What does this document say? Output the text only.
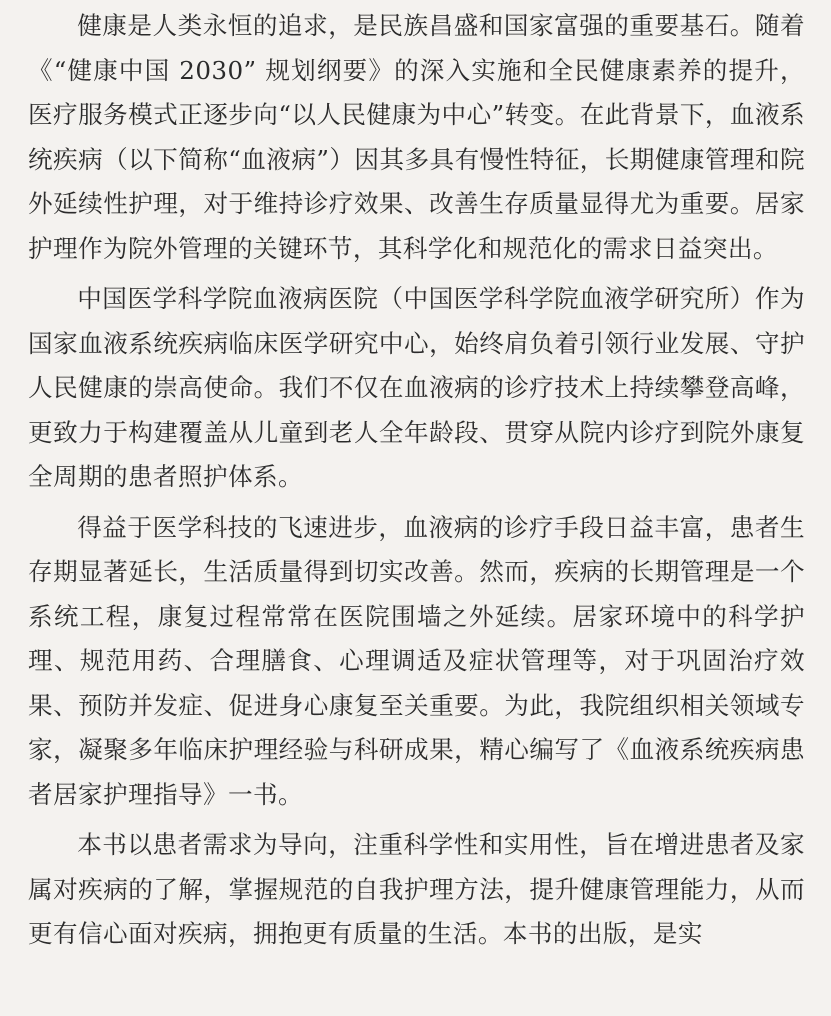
健康是人类永恒的追求，是民族昌盛和国家富强的重要基石。随着《“健康中国 2030” 规划纲要》的深入实施和全民健康素养的提升，医疗服务模式正逐步向“以人民健康为中心”转变。在此背景下，血液系统疾病（以下简称“血液病”）因其多具有慢性特征，长期健康管理和院外延续性护理，对于维持诊疗效果、改善生存质量显得尤为重要。居家护理作为院外管理的关键环节，其科学化和规范化的需求日益突出。

中国医学科学院血液病医院（中国医学科学院血液学研究所）作为国家血液系统疾病临床医学研究中心，始终肩负着引领行业发展、守护人民健康的崇高使命。我们不仅在血液病的诊疗技术上持续攀登高峰，更致力于构建覆盖从儿童到老人全年龄段、贯穿从院内诊疗到院外康复全周期的患者照护体系。

得益于医学科技的飞速进步，血液病的诊疗手段日益丰富，患者生存期显著延长，生活质量得到切实改善。然而，疾病的长期管理是一个系统工程，康复过程常常在医院围墙之外延续。居家环境中的科学护理、规范用药、合理膳食、心理调适及症状管理等，对于巩固治疗效果、预防并发症、促进身心康复至关重要。为此，我院组织相关领域专家，凝聚多年临床护理经验与科研成果，精心编写了《血液系统疾病患者居家护理指导》一书。

本书以患者需求为导向，注重科学性和实用性，旨在增进患者及家属对疾病的了解，掌握规范的自我护理方法，提升健康管理能力，从而更有信心面对疾病，拥抱更有质量的生活。本书的出版，是实
